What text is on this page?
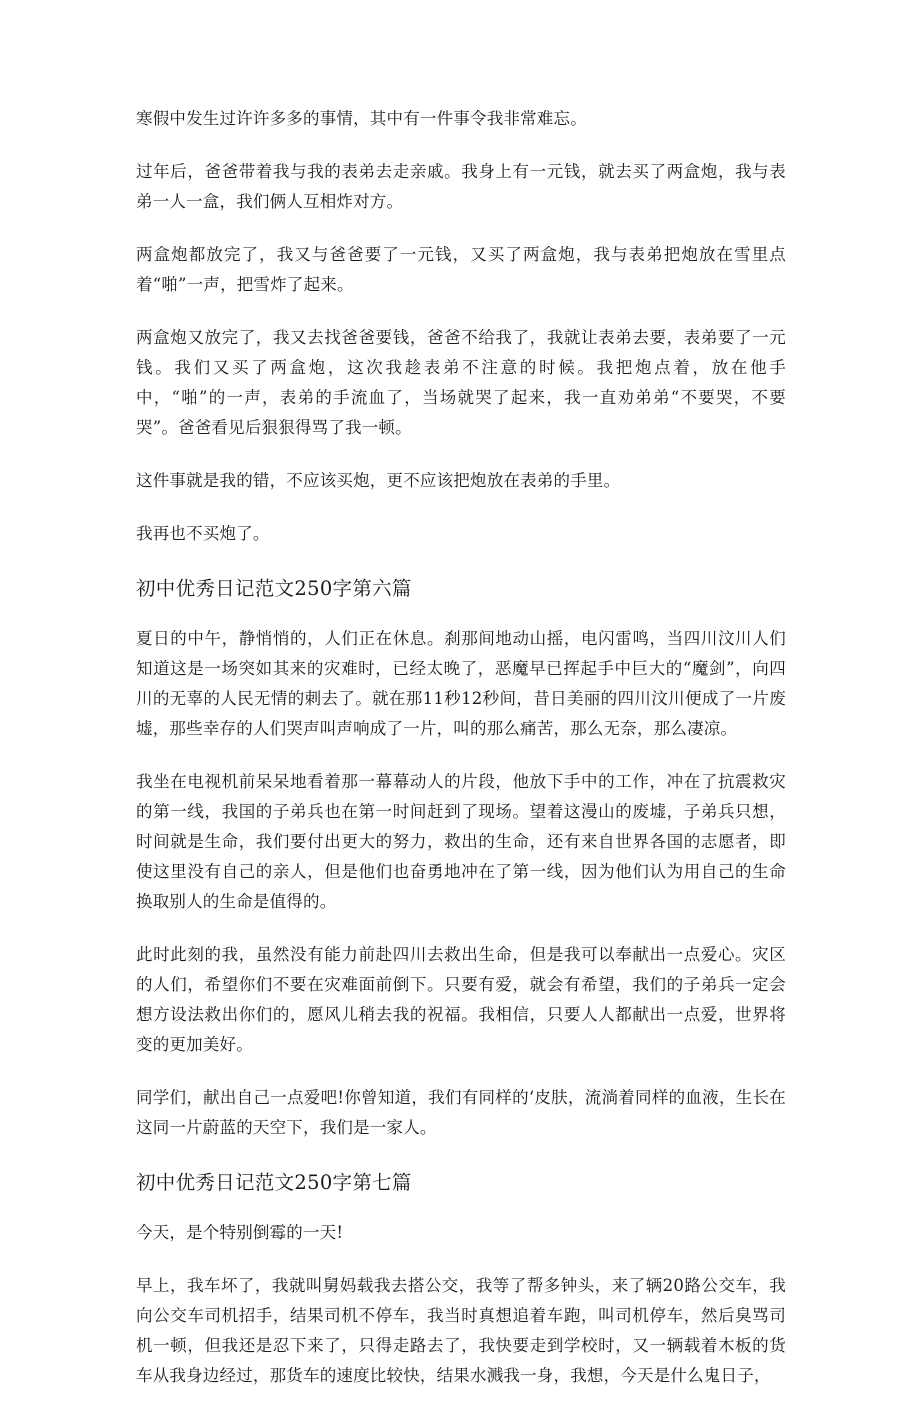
寒假中发生过许许多多的事情，其中有一件事令我非常难忘。

过年后，爸爸带着我与我的表弟去走亲戚。我身上有一元钱，就去买了两盒炮，我与表弟一人一盒，我们俩人互相炸对方。

两盒炮都放完了，我又与爸爸要了一元钱，又买了两盒炮，我与表弟把炮放在雪里点着“啪”一声，把雪炸了起来。

两盒炮又放完了，我又去找爸爸要钱，爸爸不给我了，我就让表弟去要，表弟要了一元钱。我们又买了两盒炮，这次我趁表弟不注意的时候。我把炮点着，放在他手中，“啪”的一声，表弟的手流血了，当场就哭了起来，我一直劝弟弟“不要哭，不要哭”。爸爸看见后狠狠得骂了我一顿。

这件事就是我的错，不应该买炮，更不应该把炮放在表弟的手里。

我再也不买炮了。

初中优秀日记范文250字第六篇

夏日的中午，静悄悄的，人们正在休息。刹那间地动山摇，电闪雷鸣，当四川汶川人们知道这是一场突如其来的灾难时，已经太晚了，恶魔早已挥起手中巨大的“魔剑”，向四川的无辜的人民无情的刺去了。就在那11秒12秒间，昔日美丽的四川汶川便成了一片废墟，那些幸存的人们哭声叫声响成了一片，叫的那么痛苦，那么无奈，那么凄凉。

我坐在电视机前呆呆地看着那一幕幕动人的片段，他放下手中的工作，冲在了抗震救灾的第一线，我国的子弟兵也在第一时间赶到了现场。望着这漫山的废墟，子弟兵只想，时间就是生命，我们要付出更大的努力，救出的生命，还有来自世界各国的志愿者，即使这里没有自己的亲人，但是他们也奋勇地冲在了第一线，因为他们认为用自己的生命换取别人的生命是值得的。

此时此刻的我，虽然没有能力前赴四川去救出生命，但是我可以奉献出一点爱心。灾区的人们，希望你们不要在灾难面前倒下。只要有爱，就会有希望，我们的子弟兵一定会想方设法救出你们的，愿风儿稍去我的祝福。我相信，只要人人都献出一点爱，世界将变的更加美好。

同学们，献出自己一点爱吧!你曾知道，我们有同样的‘皮肤，流淌着同样的血液，生长在这同一片蔚蓝的天空下，我们是一家人。

初中优秀日记范文250字第七篇

今天，是个特别倒霉的一天!

早上，我车坏了，我就叫舅妈载我去搭公交，我等了帮多钟头，来了辆20路公交车，我向公交车司机招手，结果司机不停车，我当时真想追着车跑，叫司机停车，然后臭骂司机一顿，但我还是忍下来了，只得走路去了，我快要走到学校时，又一辆载着木板的货车从我身边经过，那货车的速度比较快，结果水溅我一身，我想，今天是什么鬼日子，
